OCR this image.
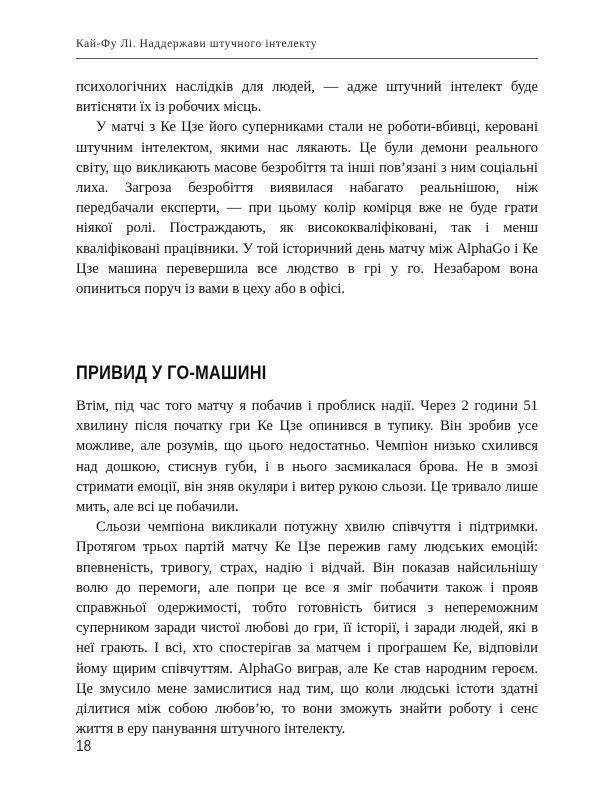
Кай-Фу Лі. Наддержави штучного інтелекту

психологічних наслідків для людей, — адже штучний інтелект буде витісняти їх із робочих місць.

У матчі з Ке Цзе його суперниками стали не роботи-вбивці, керовані штучним інтелектом, якими нас лякають. Це були демони реального світу, що викликають масове безробіття та інші пов’язані з ним соціальні лиха. Загроза безробіття виявилася набагато реальнішою, ніж передбачали експерти, — при цьому колір комірця вже не буде грати ніякої ролі. Постраждають, як висококваліфіковані, так і менш кваліфіковані працівники. У той історичний день матчу між AlphaGo і Ке Цзе машина перевершила все людство в грі у го. Незабаром вона опиниться поруч із вами в цеху або в офісі.

ПРИВИД У ГО-МАШИНІ

Втім, під час того матчу я побачив і проблиск надії. Через 2 години 51 хвилину після початку гри Ке Цзе опинився в тупику. Він зробив усе можливе, але розумів, що цього недостатньо. Чемпіон низько схилився над дошкою, стиснув губи, і в нього засмикалася брова. Не в змозі стримати емоції, він зняв окуляри і витер рукою сльози. Це тривало лише мить, але всі це побачили.

Сльози чемпіона викликали потужну хвилю співчуття і підтримки. Протягом трьох партій матчу Ке Цзе пережив гаму людських емоцій: впевненість, тривогу, страх, надію і відчай. Він показав найсильнішу волю до перемоги, але попри це все я зміг побачити також і прояв справжньої одержимості, тобто готовність битися з непереможним суперником заради чистої любові до гри, її історії, і заради людей, які в неї грають. І всі, хто спостерігав за матчем і програшем Ке, відповіли йому щирим співчуттям. AlphaGo виграв, але Ке став народним героєм. Це змусило мене замислитися над тим, що коли людські істоти здатні ділитися між собою любов’ю, то вони зможуть знайти роботу і сенс життя в еру панування штучного інтелекту.

18
